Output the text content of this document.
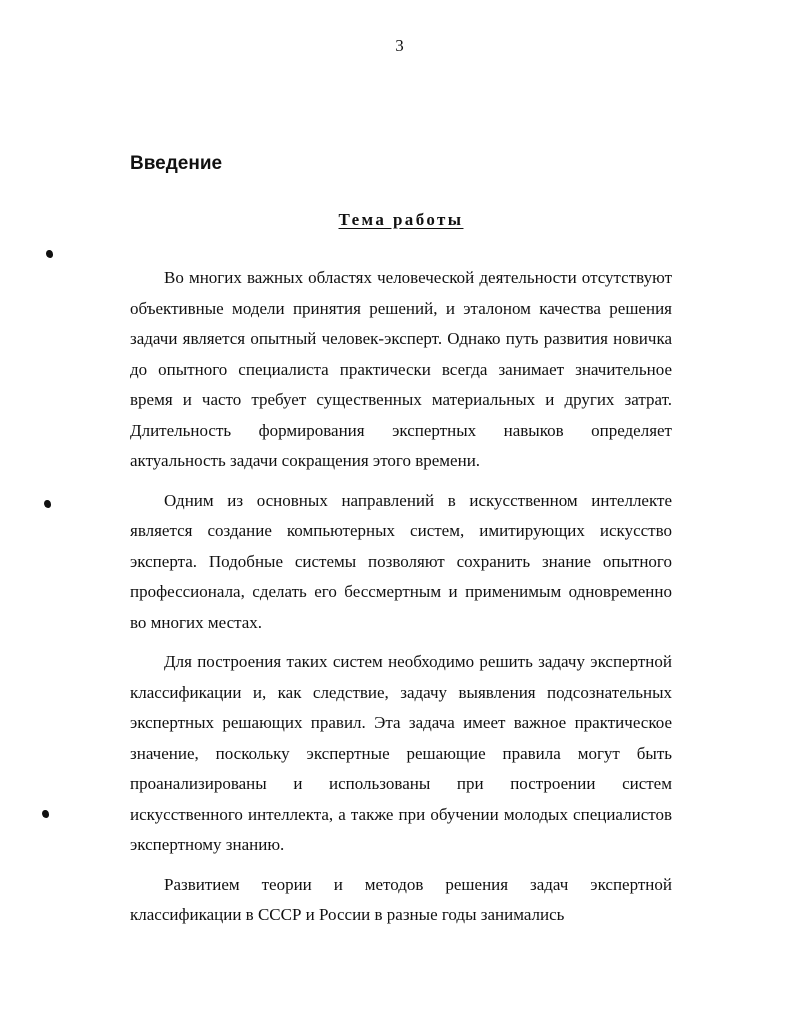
3
Введение
Тема работы

Во многих важных областях человеческой деятельности отсутствуют объективные модели принятия решений, и эталоном качества решения задачи является опытный человек-эксперт. Однако путь развития новичка до опытного специалиста практически всегда занимает значительное время и часто требует существенных материальных и других затрат. Длительность формирования экспертных навыков определяет актуальность задачи сокращения этого времени.

Одним из основных направлений в искусственном интеллекте является создание компьютерных систем, имитирующих искусство эксперта. Подобные системы позволяют сохранить знание опытного профессионала, сделать его бессмертным и применимым одновременно во многих местах.

Для построения таких систем необходимо решить задачу экспертной классификации и, как следствие, задачу выявления подсознательных экспертных решающих правил. Эта задача имеет важное практическое значение, поскольку экспертные решающие правила могут быть проанализированы и использованы при построении систем искусственного интеллекта, а также при обучении молодых специалистов экспертному знанию.

Развитием теории и методов решения задач экспертной классификации в СССР и России в разные годы занимались
